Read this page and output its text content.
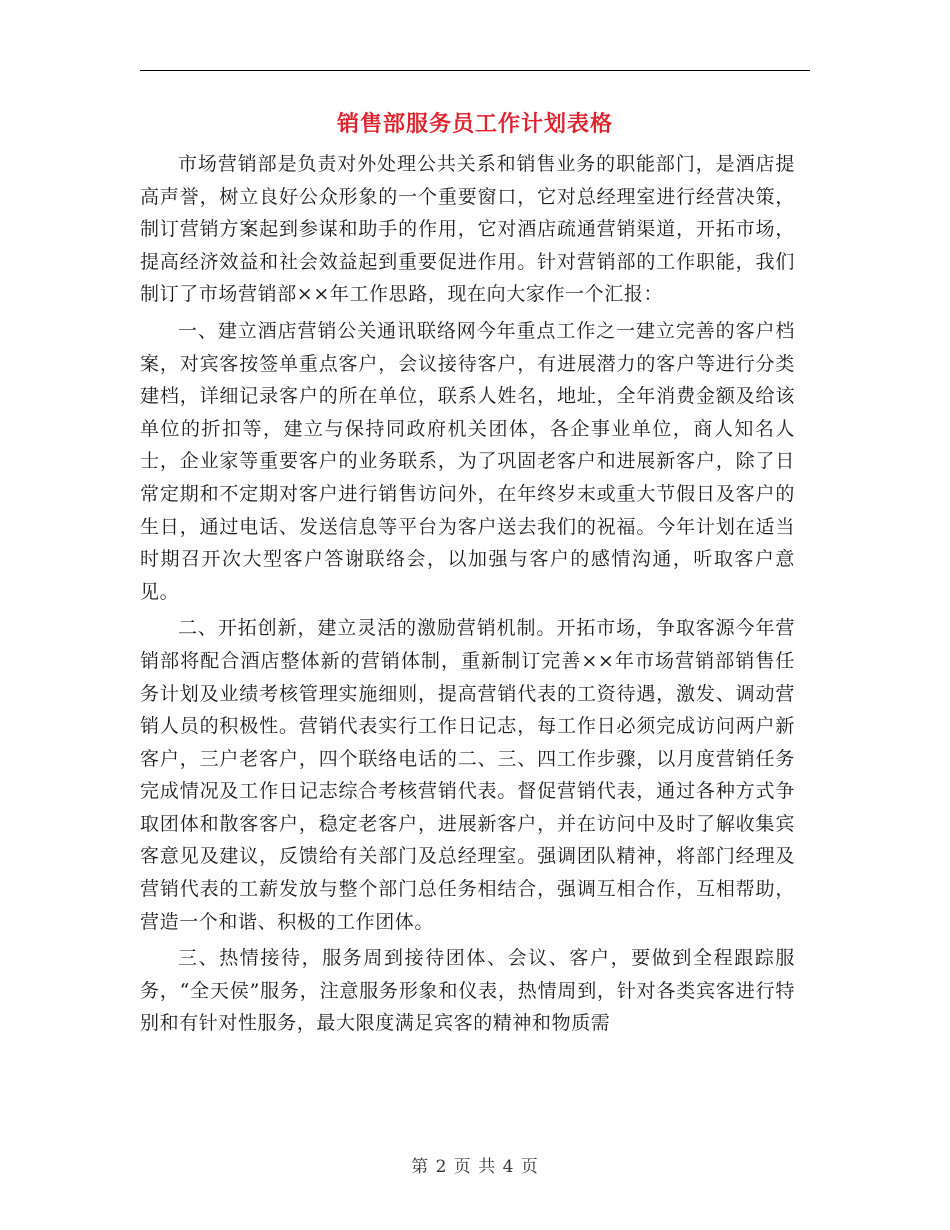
销售部服务员工作计划表格

市场营销部是负责对外处理公共关系和销售业务的职能部门，是酒店提高声誉，树立良好公众形象的一个重要窗口，它对总经理室进行经营决策，制订营销方案起到参谋和助手的作用，它对酒店疏通营销渠道，开拓市场，提高经济效益和社会效益起到重要促进作用。针对营销部的工作职能，我们制订了市场营销部××年工作思路，现在向大家作一个汇报：

一、建立酒店营销公关通讯联络网今年重点工作之一建立完善的客户档案，对宾客按签单重点客户，会议接待客户，有进展潜力的客户等进行分类建档，详细记录客户的所在单位，联系人姓名，地址，全年消费金额及给该单位的折扣等，建立与保持同政府机关团体，各企事业单位，商人知名人士，企业家等重要客户的业务联系，为了巩固老客户和进展新客户，除了日常定期和不定期对客户进行销售访问外，在年终岁末或重大节假日及客户的生日，通过电话、发送信息等平台为客户送去我们的祝福。今年计划在适当时期召开次大型客户答谢联络会，以加强与客户的感情沟通，听取客户意见。

二、开拓创新，建立灵活的激励营销机制。开拓市场，争取客源今年营销部将配合酒店整体新的营销体制，重新制订完善××年市场营销部销售任务计划及业绩考核管理实施细则，提高营销代表的工资待遇，激发、调动营销人员的积极性。营销代表实行工作日记志，每工作日必须完成访问两户新客户，三户老客户，四个联络电话的二、三、四工作步骤，以月度营销任务完成情况及工作日记志综合考核营销代表。督促营销代表，通过各种方式争取团体和散客客户，稳定老客户，进展新客户，并在访问中及时了解收集宾客意见及建议，反馈给有关部门及总经理室。强调团队精神，将部门经理及营销代表的工薪发放与整个部门总任务相结合，强调互相合作，互相帮助，营造一个和谐、积极的工作团体。

三、热情接待，服务周到接待团体、会议、客户，要做到全程跟踪服务，“全天侯”服务，注意服务形象和仪表，热情周到，针对各类宾客进行特别和有针对性服务，最大限度满足宾客的精神和物质需

第 2 页 共 4 页
